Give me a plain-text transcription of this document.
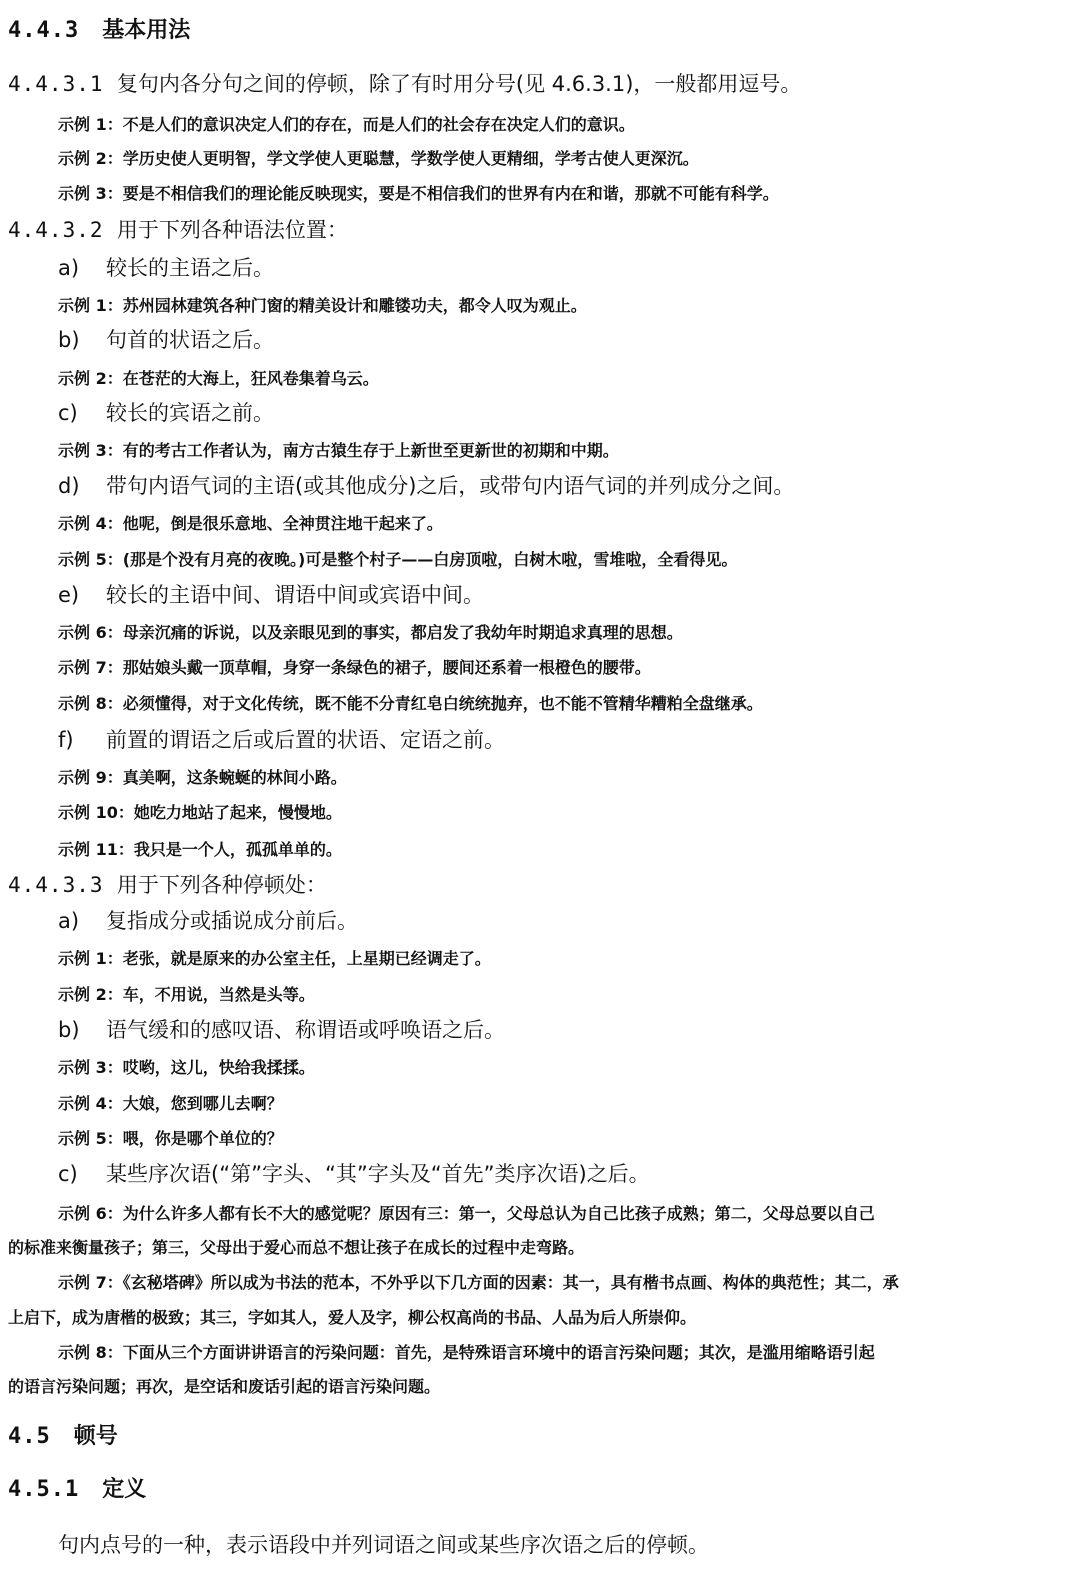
4.4.3 基本用法
4.4.3.1 复句内各分句之间的停顿，除了有时用分号(见 4.6.3.1)，一般都用逗号。
示例 1：不是人们的意识决定人们的存在，而是人们的社会存在决定人们的意识。
示例 2：学历史使人更明智，学文学使人更聪慧，学数学使人更精细，学考古使人更深沉。
示例 3：要是不相信我们的理论能反映现实，要是不相信我们的世界有内在和谐，那就不可能有科学。
4.4.3.2 用于下列各种语法位置：
a) 较长的主语之后。
示例 1：苏州园林建筑各种门窗的精美设计和雕镂功夫，都令人叹为观止。
b) 句首的状语之后。
示例 2：在苍茫的大海上，狂风卷集着乌云。
c) 较长的宾语之前。
示例 3：有的考古工作者认为，南方古猿生存于上新世至更新世的初期和中期。
d) 带句内语气词的主语(或其他成分)之后，或带句内语气词的并列成分之间。
示例 4：他呢，倒是很乐意地、全神贯注地干起来了。
示例 5：(那是个没有月亮的夜晚。)可是整个村子——白房顶啦，白树木啦，雪堆啦，全看得见。
e) 较长的主语中间、谓语中间或宾语中间。
示例 6：母亲沉痛的诉说，以及亲眼见到的事实，都启发了我幼年时期追求真理的思想。
示例 7：那姑娘头戴一顶草帽，身穿一条绿色的裙子，腰间还系着一根橙色的腰带。
示例 8：必须懂得，对于文化传统，既不能不分青红皂白统统抛弃，也不能不管精华糟粕全盘继承。
f) 前置的谓语之后或后置的状语、定语之前。
示例 9：真美啊，这条蜿蜒的林间小路。
示例 10：她吃力地站了起来，慢慢地。
示例 11：我只是一个人，孤孤单单的。
4.4.3.3 用于下列各种停顿处：
a) 复指成分或插说成分前后。
示例 1：老张，就是原来的办公室主任，上星期已经调走了。
示例 2：车，不用说，当然是头等。
b) 语气缓和的感叹语、称谓语或呼唤语之后。
示例 3：哎哟，这儿，快给我揉揉。
示例 4：大娘，您到哪儿去啊？
示例 5：喂，你是哪个单位的？
c) 某些序次语(“第”字头、“其”字头及“首先”类序次语)之后。
示例 6：为什么许多人都有长不大的感觉呢？原因有三：第一，父母总认为自己比孩子成熟；第二，父母总要以自己
的标准来衡量孩子；第三，父母出于爱心而总不想让孩子在成长的过程中走弯路。
示例 7：《玄秘塔碑》所以成为书法的范本，不外乎以下几方面的因素：其一，具有楷书点画、构体的典范性；其二，承
上启下，成为唐楷的极致；其三，字如其人，爱人及字，柳公权高尚的书品、人品为后人所崇仰。
示例 8：下面从三个方面讲讲语言的污染问题：首先，是特殊语言环境中的语言污染问题；其次，是滥用缩略语引起
的语言污染问题；再次，是空话和废话引起的语言污染问题。
4.5 顿号
4.5.1 定义
句内点号的一种，表示语段中并列词语之间或某些序次语之后的停顿。
